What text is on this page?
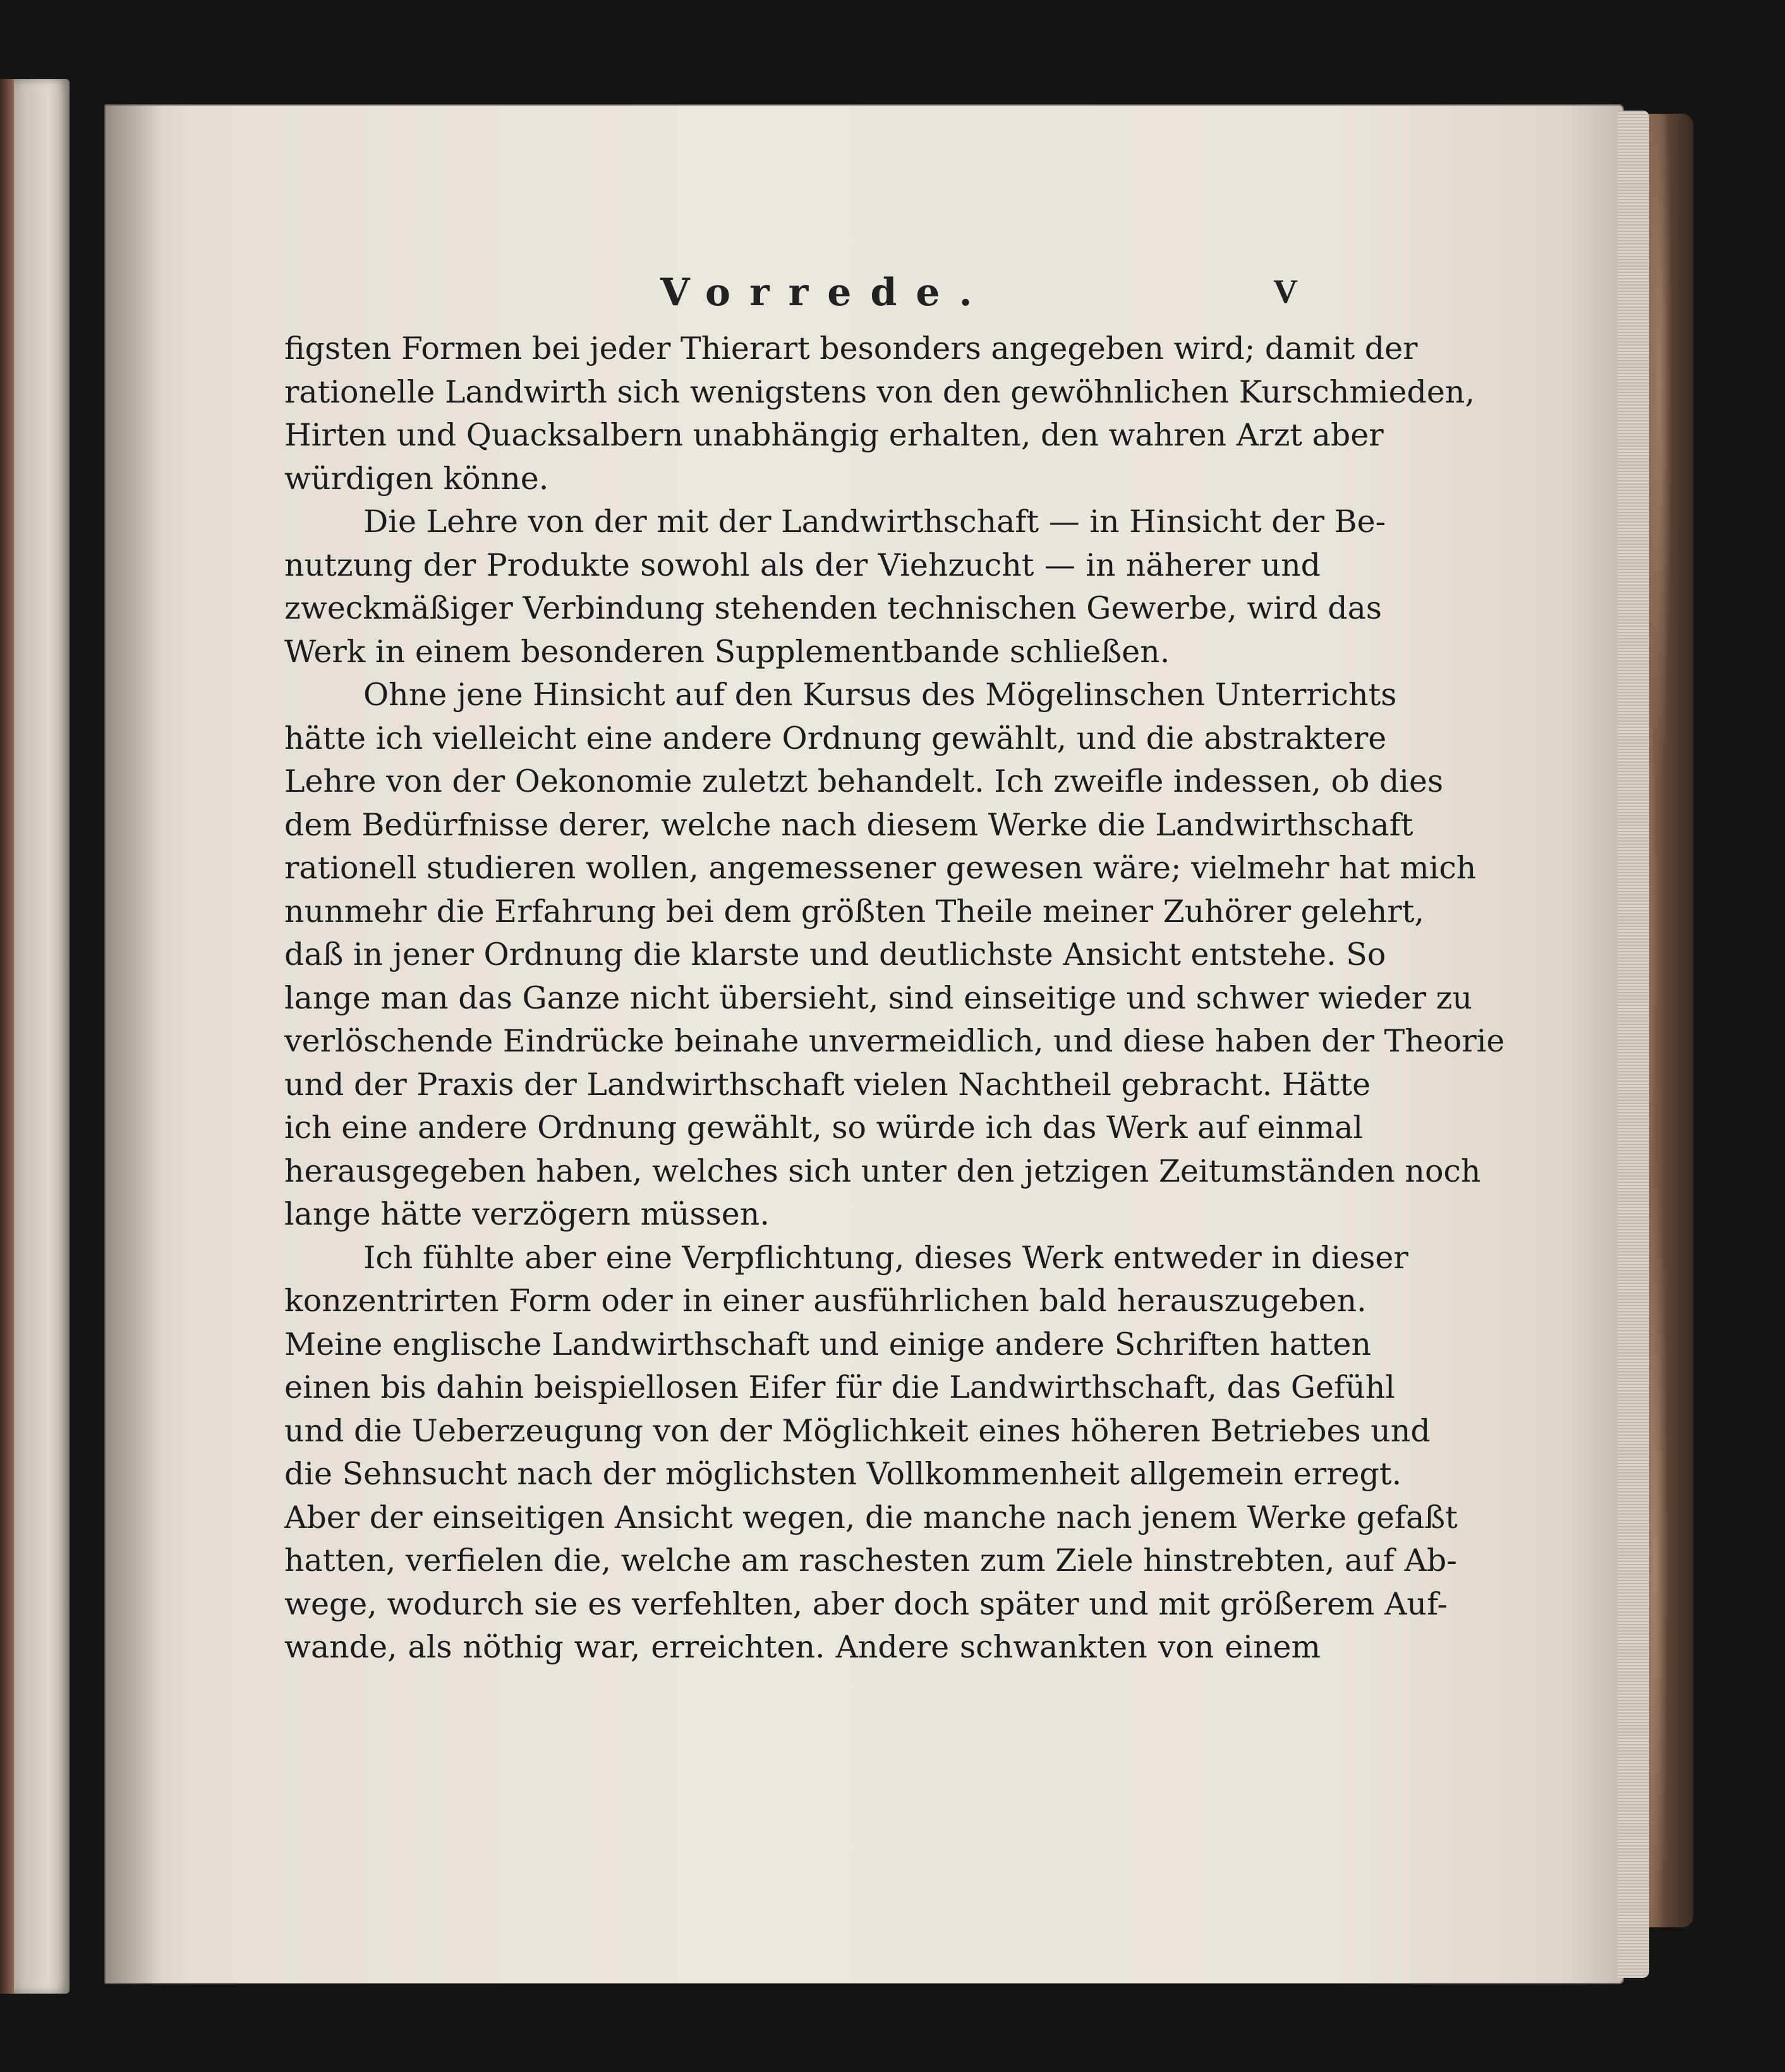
Vorrede.	V
figsten Formen bei jeder Thierart besonders angegeben wird; damit der
rationelle Landwirth sich wenigstens von den gewöhnlichen Kurschmieden,
Hirten und Quacksalbern unabhängig erhalten, den wahren Arzt aber
würdigen könne.
Die Lehre von der mit der Landwirthschaft — in Hinsicht der Be-
nutzung der Produkte sowohl als der Viehzucht — in näherer und
zweckmäßiger Verbindung stehenden technischen Gewerbe, wird das
Werk in einem besonderen Supplementbande schließen.
Ohne jene Hinsicht auf den Kursus des Mögelinschen Unterrichts
hätte ich vielleicht eine andere Ordnung gewählt, und die abstraktere
Lehre von der Oekonomie zuletzt behandelt. Ich zweifle indessen, ob dies
dem Bedürfnisse derer, welche nach diesem Werke die Landwirthschaft
rationell studieren wollen, angemessener gewesen wäre; vielmehr hat mich
nunmehr die Erfahrung bei dem größten Theile meiner Zuhörer gelehrt,
daß in jener Ordnung die klarste und deutlichste Ansicht entstehe. So
lange man das Ganze nicht übersieht, sind einseitige und schwer wieder zu
verlöschende Eindrücke beinahe unvermeidlich, und diese haben der Theorie
und der Praxis der Landwirthschaft vielen Nachtheil gebracht. Hätte
ich eine andere Ordnung gewählt, so würde ich das Werk auf einmal
herausgegeben haben, welches sich unter den jetzigen Zeitumständen noch
lange hätte verzögern müssen.
Ich fühlte aber eine Verpflichtung, dieses Werk entweder in dieser
konzentrirten Form oder in einer ausführlichen bald herauszugeben.
Meine englische Landwirthschaft und einige andere Schriften hatten
einen bis dahin beispiellosen Eifer für die Landwirthschaft, das Gefühl
und die Ueberzeugung von der Möglichkeit eines höheren Betriebes und
die Sehnsucht nach der möglichsten Vollkommenheit allgemein erregt.
Aber der einseitigen Ansicht wegen, die manche nach jenem Werke gefaßt
hatten, verfielen die, welche am raschesten zum Ziele hinstrebten, auf Ab-
wege, wodurch sie es verfehlten, aber doch später und mit größerem Auf-
wande, als nöthig war, erreichten. Andere schwankten von einem
